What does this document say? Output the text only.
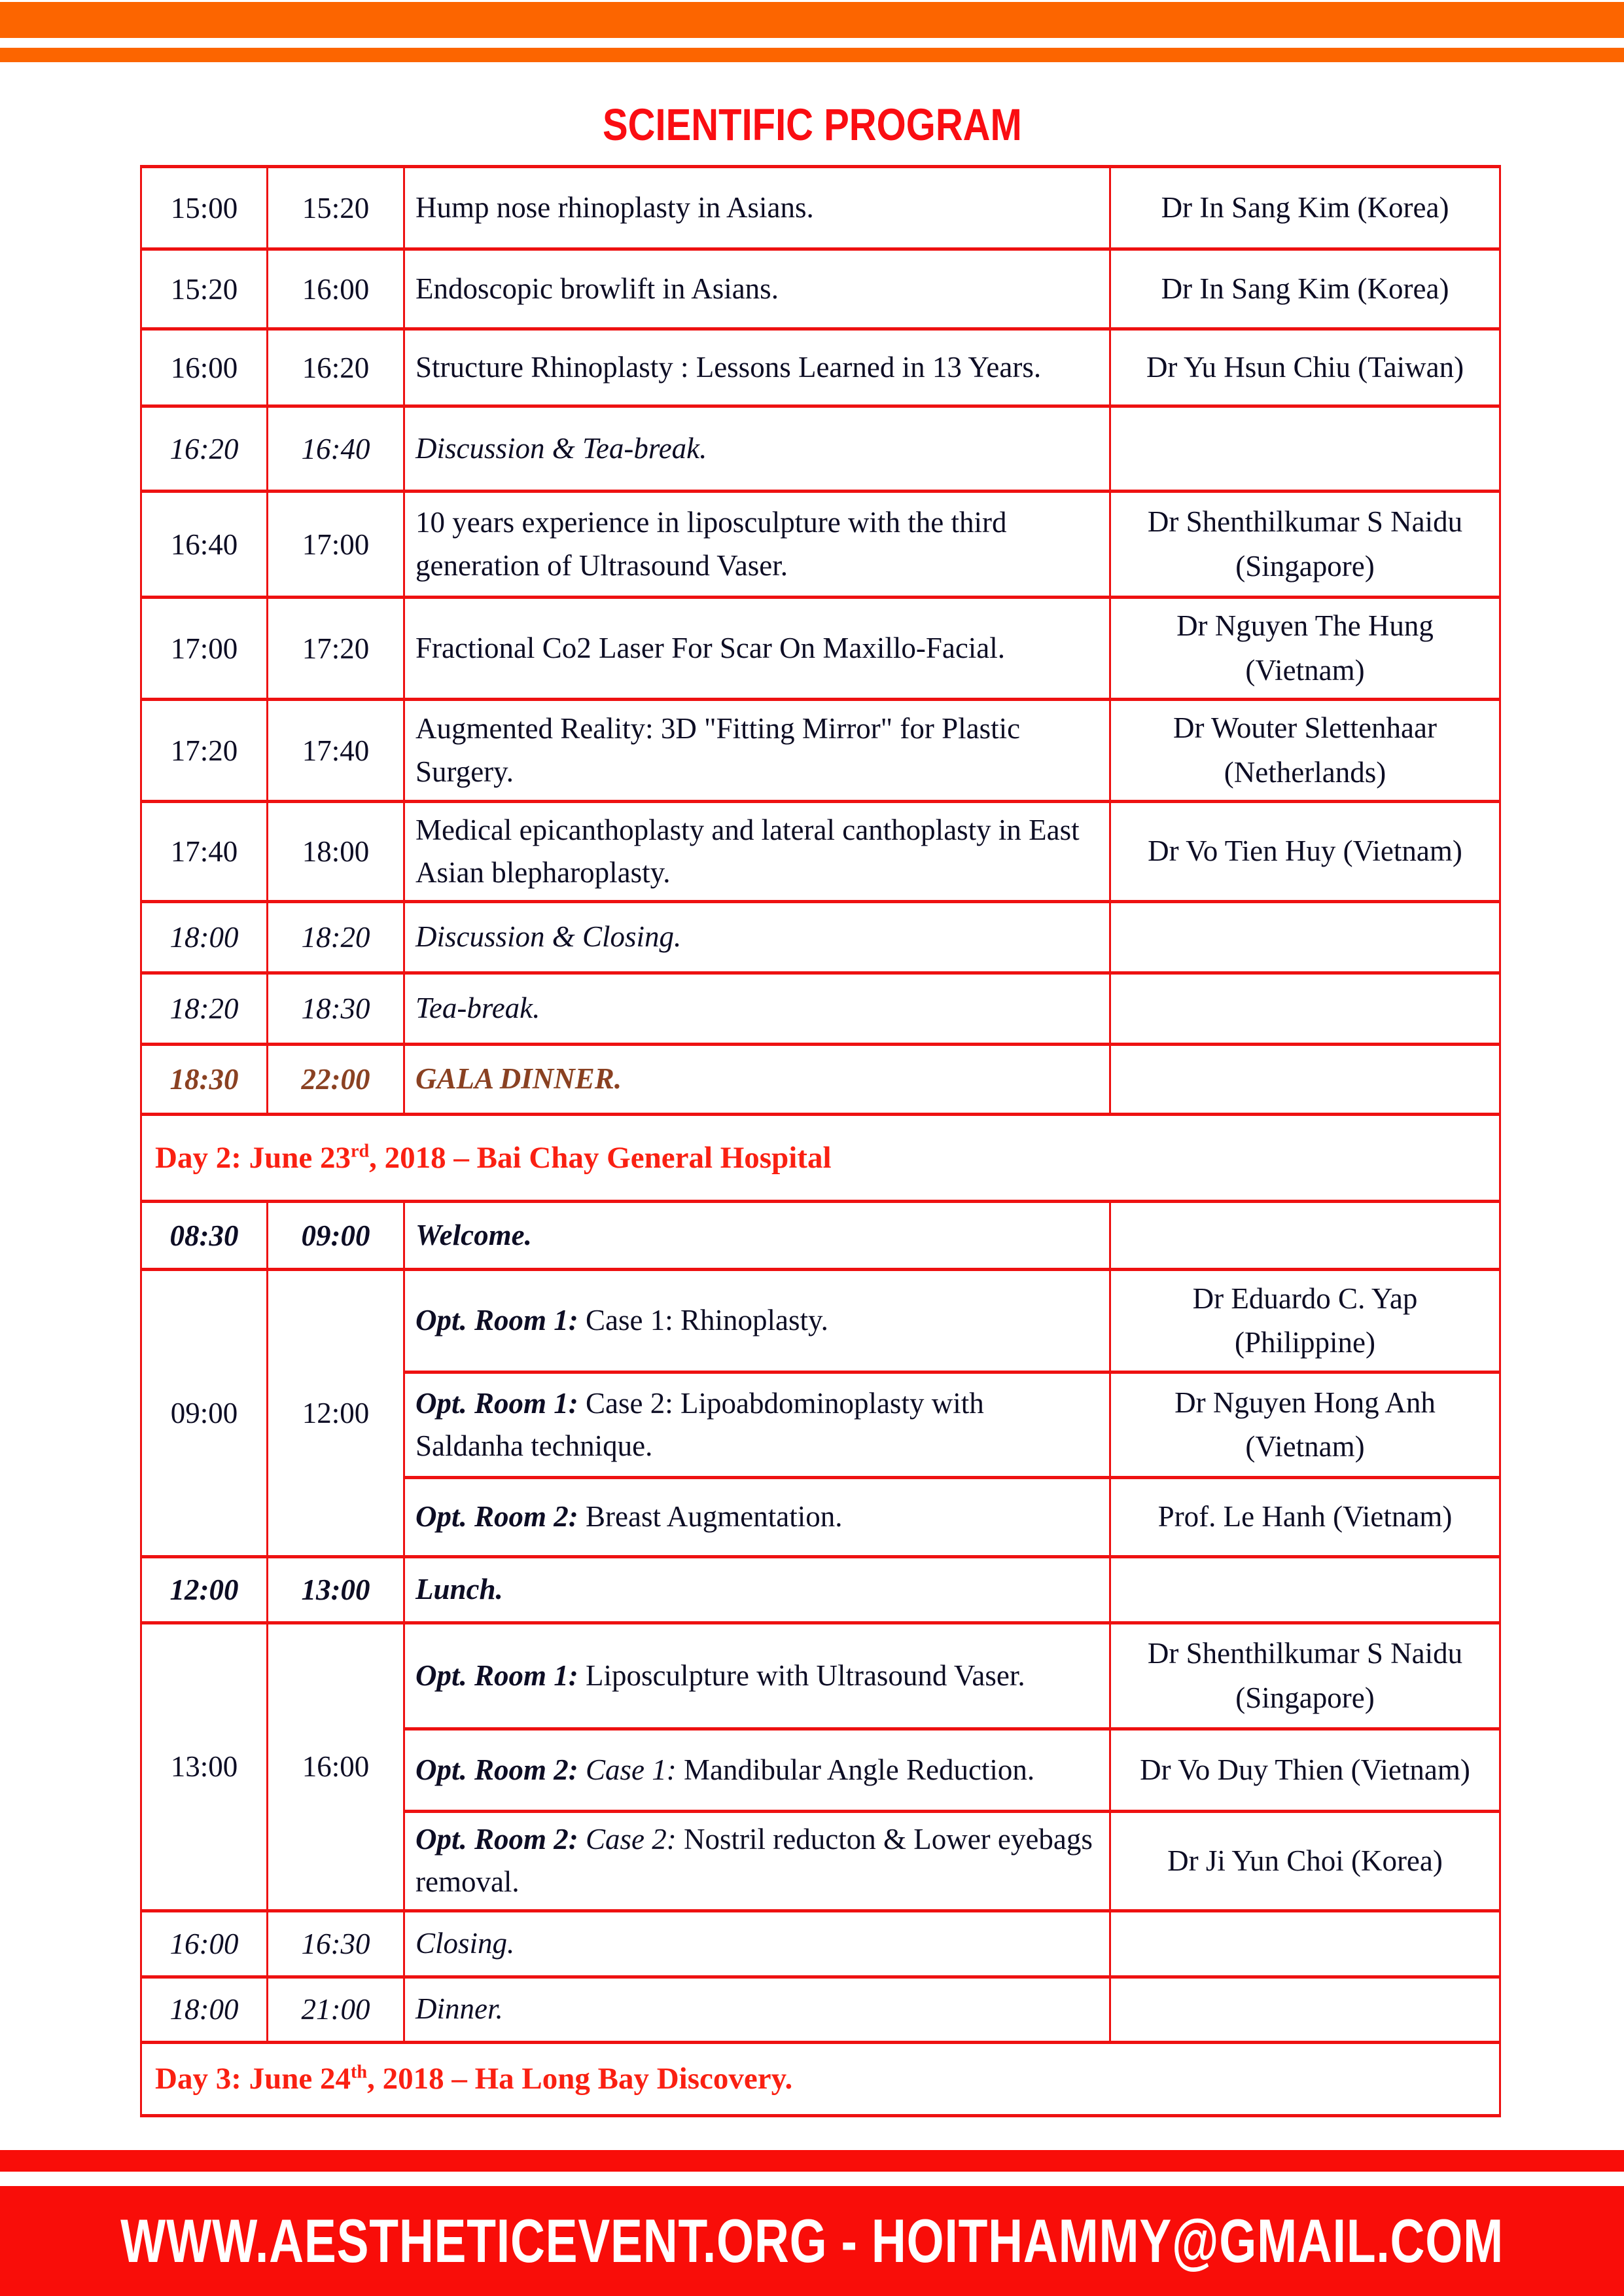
SCIENTIFIC PROGRAM
15:00	15:20	Hump nose rhinoplasty in Asians.	Dr In Sang Kim (Korea)
15:20	16:00	Endoscopic browlift in Asians.	Dr In Sang Kim (Korea)
16:00	16:20	Structure Rhinoplasty : Lessons Learned in 13 Years.	Dr Yu Hsun Chiu (Taiwan)
16:20	16:40	Discussion & Tea-break.	
16:40	17:00	10 years experience in liposculpture with the third generation of Ultrasound Vaser.	Dr Shenthilkumar S Naidu (Singapore)
17:00	17:20	Fractional Co2 Laser For Scar On Maxillo-Facial.	Dr Nguyen The Hung (Vietnam)
17:20	17:40	Augmented Reality: 3D "Fitting Mirror" for Plastic Surgery.	Dr Wouter Slettenhaar (Netherlands)
17:40	18:00	Medical epicanthoplasty and lateral canthoplasty in East Asian blepharoplasty.	Dr Vo Tien Huy (Vietnam)
18:00	18:20	Discussion & Closing.	
18:20	18:30	Tea-break.	
18:30	22:00	GALA DINNER.	
Day 2: June 23rd, 2018 – Bai Chay General Hospital			
08:30	09:00	Welcome.	
09:00	12:00	Opt. Room 1: Case 1: Rhinoplasty.	Dr Eduardo C. Yap (Philippine)
		Opt. Room 1: Case 2: Lipoabdominoplasty with Saldanha technique.	Dr Nguyen Hong Anh (Vietnam)
		Opt. Room 2: Breast Augmentation.	Prof. Le Hanh (Vietnam)
12:00	13:00	Lunch.	
13:00	16:00	Opt. Room 1: Liposculpture with Ultrasound Vaser.	Dr Shenthilkumar S Naidu (Singapore)
		Opt. Room 2: Case 1: Mandibular Angle Reduction.	Dr Vo Duy Thien (Vietnam)
		Opt. Room 2: Case 2: Nostril reducton & Lower eyebags removal.	Dr Ji Yun Choi (Korea)
16:00	16:30	Closing.	
18:00	21:00	Dinner.	
Day 3: June 24th, 2018 – Ha Long Bay Discovery.			
WWW.AESTHETICEVENT.ORG - HOITHAMMY@GMAIL.COM
